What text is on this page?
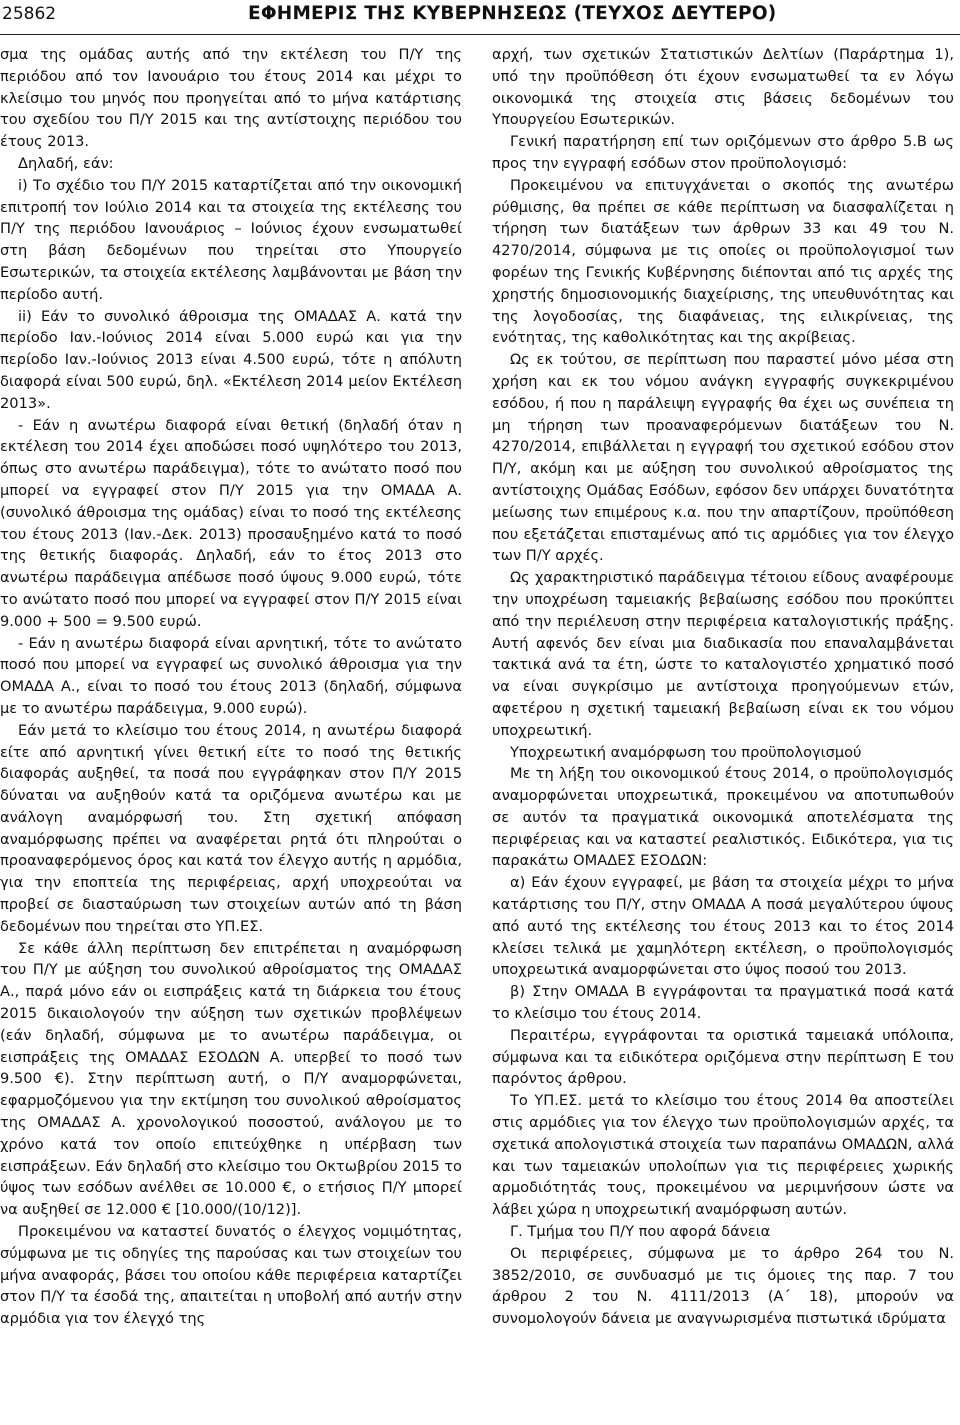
25862	ΕΦΗΜΕΡΙΣ ΤΗΣ ΚΥΒΕΡΝΗΣΕΩΣ (ΤΕΥΧΟΣ ΔΕΥΤΕΡΟ)

σμα της ομάδας αυτής από την εκτέλεση του Π/Υ της περιόδου από τον Ιανουάριο του έτους 2014 και μέχρι το κλείσιμο του μηνός που προηγείται από το μήνα κατάρτισης του σχεδίου του Π/Υ 2015 και της αντίστοιχης περιόδου του έτους 2013.

Δηλαδή, εάν:

i) Το σχέδιο του Π/Υ 2015 καταρτίζεται από την οικονομική επιτροπή τον Ιούλιο 2014 και τα στοιχεία της εκτέλεσης του Π/Υ της περιόδου Ιανουάριος – Ιούνιος έχουν ενσωματωθεί στη βάση δεδομένων που τηρείται στο Υπουργείο Εσωτερικών, τα στοιχεία εκτέλεσης λαμβάνονται με βάση την περίοδο αυτή.

ii) Εάν το συνολικό άθροισμα της ΟΜΑΔΑΣ Α. κατά την περίοδο Ιαν.-Ιούνιος 2014 είναι 5.000 ευρώ και για την περίοδο Ιαν.-Ιούνιος 2013 είναι 4.500 ευρώ, τότε η απόλυτη διαφορά είναι 500 ευρώ, δηλ. «Εκτέλεση 2014 μείον Εκτέλεση 2013».

- Εάν η ανωτέρω διαφορά είναι θετική (δηλαδή όταν η εκτέλεση του 2014 έχει αποδώσει ποσό υψηλότερο του 2013, όπως στο ανωτέρω παράδειγμα), τότε το ανώτατο ποσό που μπορεί να εγγραφεί στον Π/Υ 2015 για την ΟΜΑΔΑ Α. (συνολικό άθροισμα της ομάδας) είναι το ποσό της εκτέλεσης του έτους 2013 (Ιαν.-Δεκ. 2013) προσαυξημένο κατά το ποσό της θετικής διαφοράς. Δηλαδή, εάν το έτος 2013 στο ανωτέρω παράδειγμα απέδωσε ποσό ύψους 9.000 ευρώ, τότε το ανώτατο ποσό που μπορεί να εγγραφεί στον Π/Υ 2015 είναι 9.000 + 500 = 9.500 ευρώ.

- Εάν η ανωτέρω διαφορά είναι αρνητική, τότε το ανώτατο ποσό που μπορεί να εγγραφεί ως συνολικό άθροισμα για την ΟΜΑΔΑ Α., είναι το ποσό του έτους 2013 (δηλαδή, σύμφωνα με το ανωτέρω παράδειγμα, 9.000 ευρώ).

Εάν μετά το κλείσιμο του έτους 2014, η ανωτέρω διαφορά είτε από αρνητική γίνει θετική είτε το ποσό της θετικής διαφοράς αυξηθεί, τα ποσά που εγγράφηκαν στον Π/Υ 2015 δύναται να αυξηθούν κατά τα οριζόμενα ανωτέρω και με ανάλογη αναμόρφωσή του. Στη σχετική απόφαση αναμόρφωσης πρέπει να αναφέρεται ρητά ότι πληρούται ο προαναφερόμενος όρος και κατά τον έλεγχο αυτής η αρμόδια, για την εποπτεία της περιφέρειας, αρχή υποχρεούται να προβεί σε διασταύρωση των στοιχείων αυτών από τη βάση δεδομένων που τηρείται στο ΥΠ.ΕΣ.

Σε κάθε άλλη περίπτωση δεν επιτρέπεται η αναμόρφωση του Π/Υ με αύξηση του συνολικού αθροίσματος της ΟΜΑΔΑΣ Α., παρά μόνο εάν οι εισπράξεις κατά τη διάρκεια του έτους 2015 δικαιολογούν την αύξηση των σχετικών προβλέψεων (εάν δηλαδή, σύμφωνα με το ανωτέρω παράδειγμα, οι εισπράξεις της ΟΜΑΔΑΣ ΕΣΟΔΩΝ Α. υπερβεί το ποσό των 9.500 €). Στην περίπτωση αυτή, ο Π/Υ αναμορφώνεται, εφαρμοζόμενου για την εκτίμηση του συνολικού αθροίσματος της ΟΜΑΔΑΣ Α. χρονολογικού ποσοστού, ανάλογου με το χρόνο κατά τον οποίο επιτεύχθηκε η υπέρβαση των εισπράξεων. Εάν δηλαδή στο κλείσιμο του Οκτωβρίου 2015 το ύψος των εσόδων ανέλθει σε 10.000 €, ο ετήσιος Π/Υ μπορεί να αυξηθεί σε 12.000 € [10.000/(10/12)].

Προκειμένου να καταστεί δυνατός ο έλεγχος νομιμότητας, σύμφωνα με τις οδηγίες της παρούσας και των στοιχείων του μήνα αναφοράς, βάσει του οποίου κάθε περιφέρεια καταρτίζει στον Π/Υ τα έσοδά της, απαιτείται η υποβολή από αυτήν στην αρμόδια για τον έλεγχό της

αρχή, των σχετικών Στατιστικών Δελτίων (Παράρτημα 1), υπό την προϋπόθεση ότι έχουν ενσωματωθεί τα εν λόγω οικονομικά της στοιχεία στις βάσεις δεδομένων του Υπουργείου Εσωτερικών.

Γενική παρατήρηση επί των οριζόμενων στο άρθρο 5.Β ως προς την εγγραφή εσόδων στον προϋπολογισμό:

Προκειμένου να επιτυγχάνεται ο σκοπός της ανωτέρω ρύθμισης, θα πρέπει σε κάθε περίπτωση να διασφαλίζεται η τήρηση των διατάξεων των άρθρων 33 και 49 του Ν. 4270/2014, σύμφωνα με τις οποίες οι προϋπολογισμοί των φορέων της Γενικής Κυβέρνησης διέπονται από τις αρχές της χρηστής δημοσιονομικής διαχείρισης, της υπευθυνότητας και της λογοδοσίας, της διαφάνειας, της ειλικρίνειας, της ενότητας, της καθολικότητας και της ακρίβειας.

Ως εκ τούτου, σε περίπτωση που παραστεί μόνο μέσα στη χρήση και εκ του νόμου ανάγκη εγγραφής συγκεκριμένου εσόδου, ή που η παράλειψη εγγραφής θα έχει ως συνέπεια τη μη τήρηση των προαναφερόμενων διατάξεων του Ν. 4270/2014, επιβάλλεται η εγγραφή του σχετικού εσόδου στον Π/Υ, ακόμη και με αύξηση του συνολικού αθροίσματος της αντίστοιχης Ομάδας Εσόδων, εφόσον δεν υπάρχει δυνατότητα μείωσης των επιμέρους κ.α. που την απαρτίζουν, προϋπόθεση που εξετάζεται επισταμένως από τις αρμόδιες για τον έλεγχο των Π/Υ αρχές.

Ως χαρακτηριστικό παράδειγμα τέτοιου είδους αναφέρουμε την υποχρέωση ταμειακής βεβαίωσης εσόδου που προκύπτει από την περιέλευση στην περιφέρεια καταλογιστικής πράξης. Αυτή αφενός δεν είναι μια διαδικασία που επαναλαμβάνεται τακτικά ανά τα έτη, ώστε το καταλογιστέο χρηματικό ποσό να είναι συγκρίσιμο με αντίστοιχα προηγούμενων ετών, αφετέρου η σχετική ταμειακή βεβαίωση είναι εκ του νόμου υποχρεωτική.

Υποχρεωτική αναμόρφωση του προϋπολογισμού

Με τη λήξη του οικονομικού έτους 2014, ο προϋπολογισμός αναμορφώνεται υποχρεωτικά, προκειμένου να αποτυπωθούν σε αυτόν τα πραγματικά οικονομικά αποτελέσματα της περιφέρειας και να καταστεί ρεαλιστικός. Ειδικότερα, για τις παρακάτω ΟΜΑΔΕΣ ΕΣΟΔΩΝ:

α) Εάν έχουν εγγραφεί, με βάση τα στοιχεία μέχρι το μήνα κατάρτισης του Π/Υ, στην ΟΜΑΔΑ Α ποσά μεγαλύτερου ύψους από αυτό της εκτέλεσης του έτους 2013 και το έτος 2014 κλείσει τελικά με χαμηλότερη εκτέλεση, ο προϋπολογισμός υποχρεωτικά αναμορφώνεται στο ύψος ποσού του 2013.

β) Στην ΟΜΑΔΑ Β εγγράφονται τα πραγματικά ποσά κατά το κλείσιμο του έτους 2014.

Περαιτέρω, εγγράφονται τα οριστικά ταμειακά υπόλοιπα, σύμφωνα και τα ειδικότερα οριζόμενα στην περίπτωση Ε του παρόντος άρθρου.

Το ΥΠ.ΕΣ. μετά το κλείσιμο του έτους 2014 θα αποστείλει στις αρμόδιες για τον έλεγχο των προϋπολογισμών αρχές, τα σχετικά απολογιστικά στοιχεία των παραπάνω ΟΜΑΔΩΝ, αλλά και των ταμειακών υπολοίπων για τις περιφέρειες χωρικής αρμοδιότητάς τους, προκειμένου να μεριμνήσουν ώστε να λάβει χώρα η υποχρεωτική αναμόρφωση αυτών.

Γ. Τμήμα του Π/Υ που αφορά δάνεια

Οι περιφέρειες, σύμφωνα με το άρθρο 264 του Ν. 3852/2010, σε συνδυασμό με τις όμοιες της παρ. 7 του άρθρου 2 του Ν. 4111/2013 (Α΄ 18), μπορούν να συνομολογούν δάνεια με αναγνωρισμένα πιστωτικά ιδρύματα
